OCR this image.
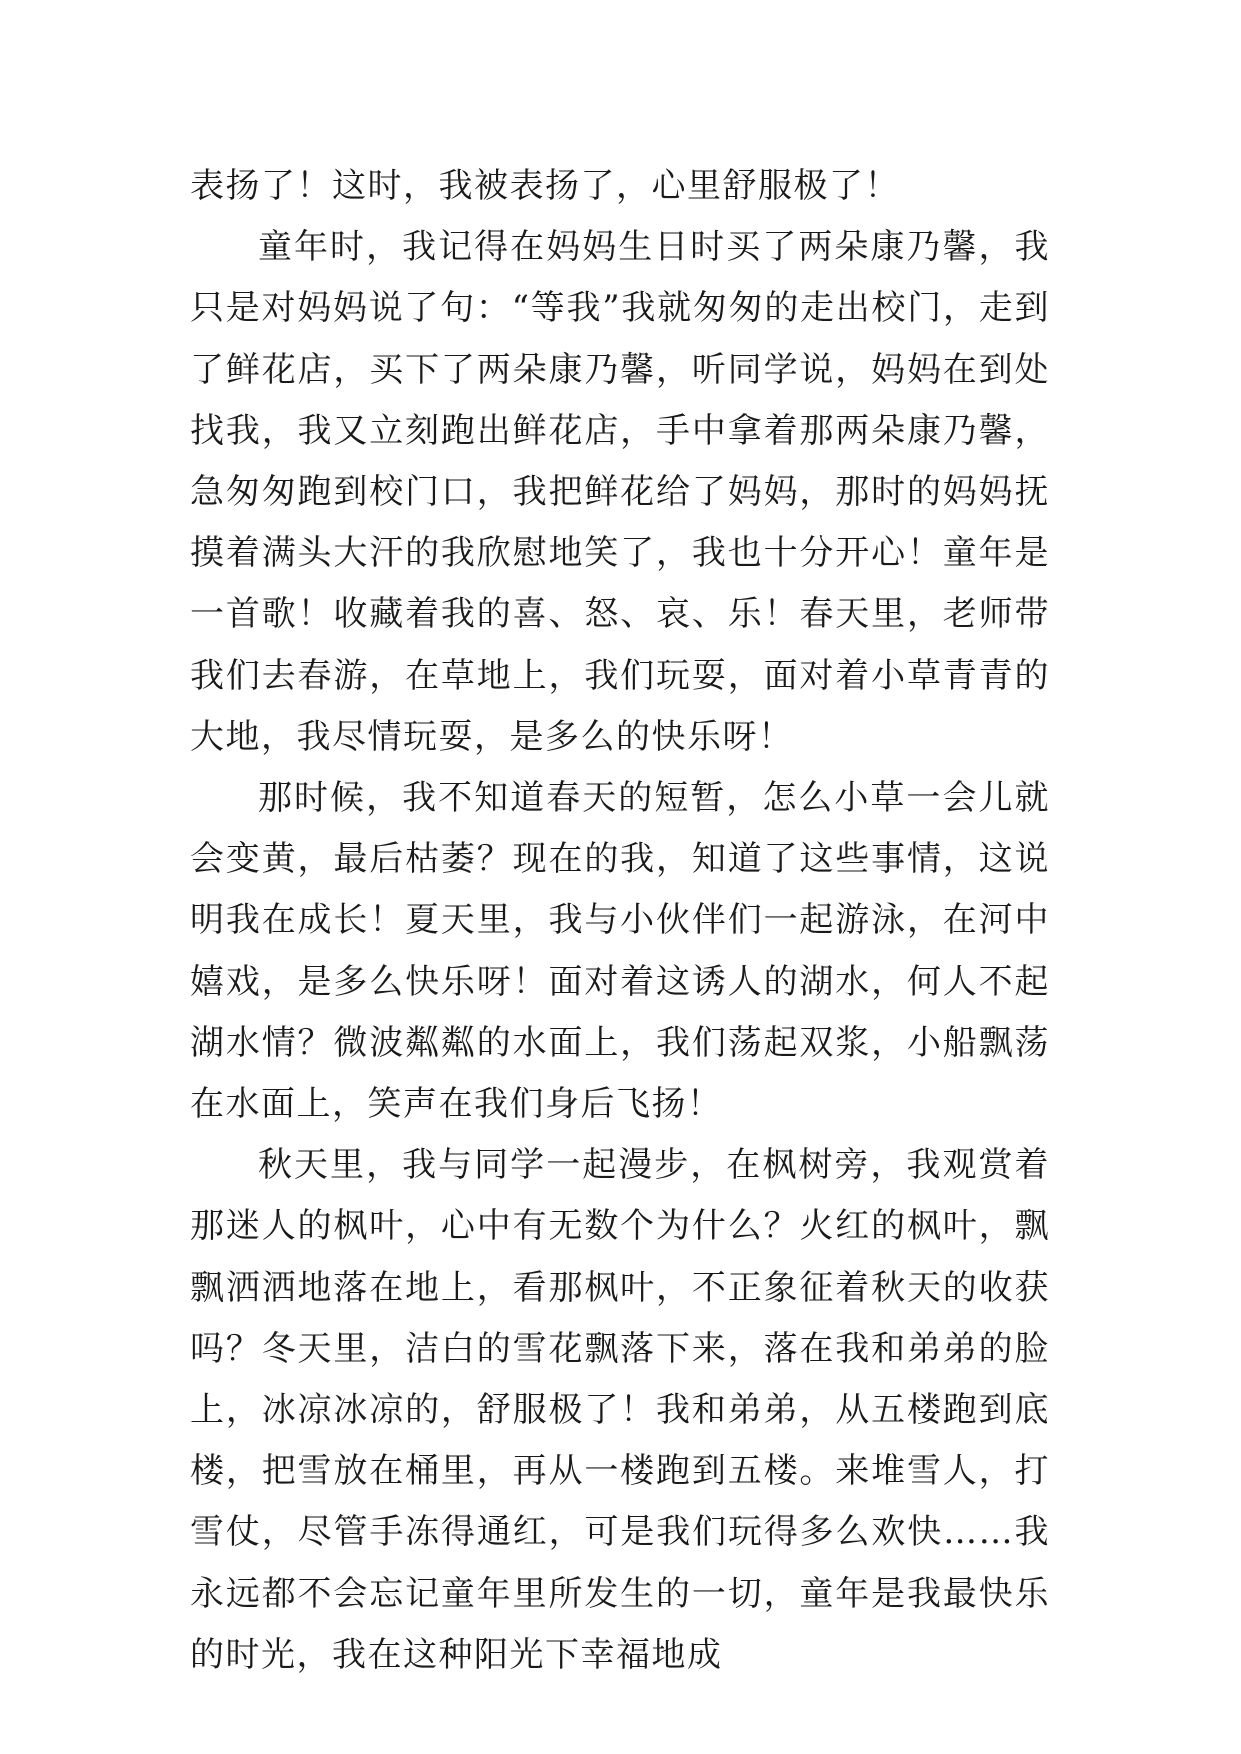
表扬了！这时，我被表扬了，心里舒服极了！

童年时，我记得在妈妈生日时买了两朵康乃馨，我只是对妈妈说了句：“等我”我就匆匆的走出校门，走到了鲜花店，买下了两朵康乃馨，听同学说，妈妈在到处找我，我又立刻跑出鲜花店，手中拿着那两朵康乃馨，急匆匆跑到校门口，我把鲜花给了妈妈，那时的妈妈抚摸着满头大汗的我欣慰地笑了，我也十分开心！童年是一首歌！收藏着我的喜、怒、哀、乐！春天里，老师带我们去春游，在草地上，我们玩耍，面对着小草青青的大地，我尽情玩耍，是多么的快乐呀！

那时候，我不知道春天的短暂，怎么小草一会儿就会变黄，最后枯萎？现在的我，知道了这些事情，这说明我在成长！夏天里，我与小伙伴们一起游泳，在河中嬉戏，是多么快乐呀！面对着这诱人的湖水，何人不起湖水情？微波粼粼的水面上，我们荡起双浆，小船飘荡在水面上，笑声在我们身后飞扬！

秋天里，我与同学一起漫步，在枫树旁，我观赏着那迷人的枫叶，心中有无数个为什么？火红的枫叶，飘飘洒洒地落在地上，看那枫叶，不正象征着秋天的收获吗？冬天里，洁白的雪花飘落下来，落在我和弟弟的脸上，冰凉冰凉的，舒服极了！我和弟弟，从五楼跑到底楼，把雪放在桶里，再从一楼跑到五楼。来堆雪人，打雪仗，尽管手冻得通红，可是我们玩得多么欢快……我永远都不会忘记童年里所发生的一切，童年是我最快乐的时光，我在这种阳光下幸福地成
